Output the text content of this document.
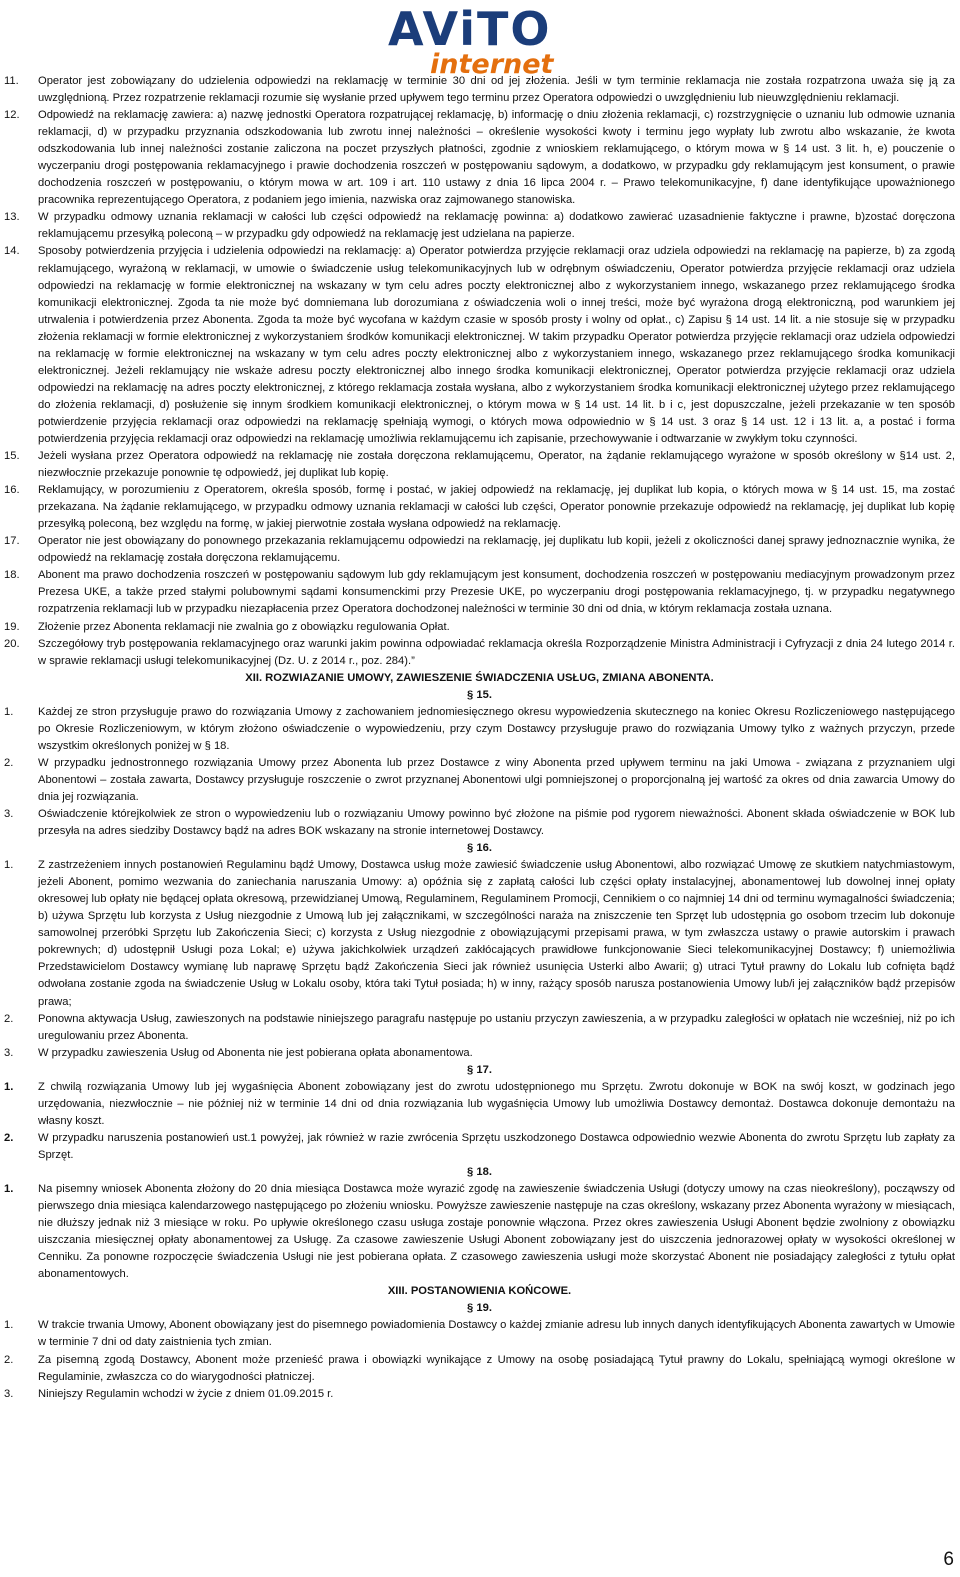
AViTO
internet
11. Operator jest zobowiązany do udzielenia odpowiedzi na reklamację w terminie 30 dni od jej złożenia. Jeśli w tym terminie reklamacja nie została rozpatrzona uważa się ją za uwzględnioną. Przez rozpatrzenie reklamacji rozumie się wysłanie przed upływem tego terminu przez Operatora odpowiedzi o uwzględnieniu lub nieuwzględnieniu reklamacji.
12. Odpowiedź na reklamację zawiera: a) nazwę jednostki Operatora rozpatrującej reklamację, b) informację o dniu złożenia reklamacji, c) rozstrzygnięcie o uznaniu lub odmowie uznania reklamacji, d) w przypadku przyznania odszkodowania lub zwrotu innej należności – określenie wysokości kwoty i terminu jego wypłaty lub zwrotu albo wskazanie, że kwota odszkodowania lub innej należności zostanie zaliczona na poczet przyszłych płatności, zgodnie z wnioskiem reklamującego, o którym mowa w § 14 ust. 3 lit. h, e) pouczenie o wyczerpaniu drogi postępowania reklamacyjnego i prawie dochodzenia roszczeń w postępowaniu sądowym, a dodatkowo, w przypadku gdy reklamującym jest konsument, o prawie dochodzenia roszczeń w postępowaniu, o którym mowa w art. 109 i art. 110 ustawy z dnia 16 lipca 2004 r. – Prawo telekomunikacyjne, f) dane identyfikujące upoważnionego pracownika reprezentującego Operatora, z podaniem jego imienia, nazwiska oraz zajmowanego stanowiska.
13. W przypadku odmowy uznania reklamacji w całości lub części odpowiedź na reklamację powinna: a) dodatkowo zawierać uzasadnienie faktyczne i prawne, b)zostać doręczona reklamującemu przesyłką poleconą – w przypadku gdy odpowiedź na reklamację jest udzielana na papierze.
14. Sposoby potwierdzenia przyjęcia i udzielenia odpowiedzi na reklamację: a) Operator potwierdza przyjęcie reklamacji oraz udziela odpowiedzi na reklamację na papierze, b) za zgodą reklamującego, wyrażoną w reklamacji, w umowie o świadczenie usług telekomunikacyjnych lub w odrębnym oświadczeniu, Operator potwierdza przyjęcie reklamacji oraz udziela odpowiedzi na reklamację w formie elektronicznej na wskazany w tym celu adres poczty elektronicznej albo z wykorzystaniem innego, wskazanego przez reklamującego środka komunikacji elektronicznej. Zgoda ta nie może być domniemana lub dorozumiana z oświadczenia woli o innej treści, może być wyrażona drogą elektroniczną, pod warunkiem jej utrwalenia i potwierdzenia przez Abonenta. Zgoda ta może być wycofana w każdym czasie w sposób prosty i wolny od opłat., c) Zapisu § 14 ust. 14 lit. a nie stosuje się w przypadku złożenia reklamacji w formie elektronicznej z wykorzystaniem środków komunikacji elektronicznej. W takim przypadku Operator potwierdza przyjęcie reklamacji oraz udziela odpowiedzi na reklamację w formie elektronicznej na wskazany w tym celu adres poczty elektronicznej albo z wykorzystaniem innego, wskazanego przez reklamującego środka komunikacji elektronicznej. Jeżeli reklamujący nie wskaże adresu poczty elektronicznej albo innego środka komunikacji elektronicznej, Operator potwierdza przyjęcie reklamacji oraz udziela odpowiedzi na reklamację na adres poczty elektronicznej, z którego reklamacja została wysłana, albo z wykorzystaniem środka komunikacji elektronicznej użytego przez reklamującego do złożenia reklamacji, d) posłużenie się innym środkiem komunikacji elektronicznej, o którym mowa w § 14 ust. 14 lit. b i c, jest dopuszczalne, jeżeli przekazanie w ten sposób potwierdzenie przyjęcia reklamacji oraz odpowiedzi na reklamację spełniają wymogi, o których mowa odpowiednio w § 14 ust. 3 oraz § 14 ust. 12 i 13 lit. a, a postać i forma potwierdzenia przyjęcia reklamacji oraz odpowiedzi na reklamację umożliwia reklamującemu ich zapisanie, przechowywanie i odtwarzanie w zwykłym toku czynności.
15. Jeżeli wysłana przez Operatora odpowiedź na reklamację nie została doręczona reklamującemu, Operator, na żądanie reklamującego wyrażone w sposób określony w §14 ust. 2, niezwłocznie przekazuje ponownie tę odpowiedź, jej duplikat lub kopię.
16. Reklamujący, w porozumieniu z Operatorem, określa sposób, formę i postać, w jakiej odpowiedź na reklamację, jej duplikat lub kopia, o których mowa w § 14 ust. 15, ma zostać przekazana. Na żądanie reklamującego, w przypadku odmowy uznania reklamacji w całości lub części, Operator ponownie przekazuje odpowiedź na reklamację, jej duplikat lub kopię przesyłką poleconą, bez względu na formę, w jakiej pierwotnie została wysłana odpowiedź na reklamację.
17. Operator nie jest obowiązany do ponownego przekazania reklamującemu odpowiedzi na reklamację, jej duplikatu lub kopii, jeżeli z okoliczności danej sprawy jednoznacznie wynika, że odpowiedź na reklamację została doręczona reklamującemu.
18. Abonent ma prawo dochodzenia roszczeń w postępowaniu sądowym lub gdy reklamującym jest konsument, dochodzenia roszczeń w postępowaniu mediacyjnym prowadzonym przez Prezesa UKE, a także przed stałymi polubownymi sądami konsumenckimi przy Prezesie UKE, po wyczerpaniu drogi postępowania reklamacyjnego, tj. w przypadku negatywnego rozpatrzenia reklamacji lub w przypadku niezapłacenia przez Operatora dochodzonej należności w terminie 30 dni od dnia, w którym reklamacja została uznana.
19. Złożenie przez Abonenta reklamacji nie zwalnia go z obowiązku regulowania Opłat.
20. Szczegółowy tryb postępowania reklamacyjnego oraz warunki jakim powinna odpowiadać reklamacja określa Rozporządzenie Ministra Administracji i Cyfryzacji z dnia 24 lutego 2014 r. w sprawie reklamacji usługi telekomunikacyjnej (Dz. U. z 2014 r., poz. 284).”
XII. ROZWIAZANIE UMOWY, ZAWIESZENIE ŚWIADCZENIA USŁUG, ZMIANA ABONENTA.
§ 15.
1. Każdej ze stron przysługuje prawo do rozwiązania Umowy z zachowaniem jednomiesięcznego okresu wypowiedzenia skutecznego na koniec Okresu Rozliczeniowego następującego po Okresie Rozliczeniowym, w którym złożono oświadczenie o wypowiedzeniu, przy czym Dostawcy przysługuje prawo do rozwiązania Umowy tylko z ważnych przyczyn, przede wszystkim określonych poniżej w § 18.
2. W przypadku jednostronnego rozwiązania Umowy przez Abonenta lub przez Dostawce z winy Abonenta przed upływem terminu na jaki Umowa - związana z przyznaniem ulgi Abonentowi – została zawarta, Dostawcy przysługuje roszczenie o zwrot przyznanej Abonentowi ulgi pomniejszonej o proporcjonalną jej wartość za okres od dnia zawarcia Umowy do dnia jej rozwiązania.
3. Oświadczenie którejkolwiek ze stron o wypowiedzeniu lub o rozwiązaniu Umowy powinno być złożone na piśmie pod rygorem nieważności. Abonent składa oświadczenie w BOK lub przesyła na adres siedziby Dostawcy bądź na adres BOK wskazany na stronie internetowej Dostawcy.
§ 16.
1. Z zastrzeżeniem innych postanowień Regulaminu bądź Umowy, Dostawca usług może zawiesić świadczenie usług Abonentowi, albo rozwiązać Umowę ze skutkiem natychmiastowym, jeżeli Abonent, pomimo wezwania do zaniechania naruszania Umowy: a) opóźnia się z zapłatą całości lub części opłaty instalacyjnej, abonamentowej lub dowolnej innej opłaty okresowej lub opłaty nie będącej opłata okresową, przewidzianej Umową, Regulaminem, Regulaminem Promocji, Cennikiem o co najmniej 14 dni od terminu wymagalności świadczenia; b) używa Sprzętu lub korzysta z Usług niezgodnie z Umową lub jej załącznikami, w szczególności naraża na zniszczenie ten Sprzęt lub udostępnia go osobom trzecim lub dokonuje samowolnej przeróbki Sprzętu lub Zakończenia Sieci; c) korzysta z Usług niezgodnie z obowiązującymi przepisami prawa, w tym zwłaszcza ustawy o prawie autorskim i prawach pokrewnych; d) udostępnił Usługi poza Lokal; e) używa jakichkolwiek urządzeń zakłócających prawidłowe funkcjonowanie Sieci telekomunikacyjnej Dostawcy; f) uniemożliwia Przedstawicielom Dostawcy wymianę lub naprawę Sprzętu bądź Zakończenia Sieci jak również usunięcia Usterki albo Awarii; g) utraci Tytuł prawny do Lokalu lub cofnięta bądź odwołana zostanie zgoda na świadczenie Usług w Lokalu osoby, która taki Tytuł posiada; h) w inny, rażący sposób narusza postanowienia Umowy lub/i jej załączników bądź przepisów prawa;
2. Ponowna aktywacja Usług, zawieszonych na podstawie niniejszego paragrafu następuje po ustaniu przyczyn zawieszenia, a w przypadku zaległości w opłatach nie wcześniej, niż po ich uregulowaniu przez Abonenta.
3. W przypadku zawieszenia Usług od Abonenta nie jest pobierana opłata abonamentowa.
§ 17.
1. Z chwilą rozwiązania Umowy lub jej wygaśnięcia Abonent zobowiązany jest do zwrotu udostępnionego mu Sprzętu. Zwrotu dokonuje w BOK na swój koszt, w godzinach jego urzędowania, niezwłocznie – nie później niż w terminie 14 dni od dnia rozwiązania lub wygaśnięcia Umowy lub umożliwia Dostawcy demontaż. Dostawca dokonuje demontażu na własny koszt.
2. W przypadku naruszenia postanowień ust.1 powyżej, jak również w razie zwrócenia Sprzętu uszkodzonego Dostawca odpowiednio wezwie Abonenta do zwrotu Sprzętu lub zapłaty za Sprzęt.
§ 18.
1. Na pisemny wniosek Abonenta złożony do 20 dnia miesiąca Dostawca może wyrazić zgodę na zawieszenie świadczenia Usługi (dotyczy umowy na czas nieokreślony), począwszy od pierwszego dnia miesiąca kalendarzowego następującego po złożeniu wniosku. Powyższe zawieszenie następuje na czas określony, wskazany przez Abonenta wyrażony w miesiącach, nie dłuższy jednak niż 3 miesiące w roku. Po upływie określonego czasu usługa zostaje ponownie włączona. Przez okres zawieszenia Usługi Abonent będzie zwolniony z obowiązku uiszczania miesięcznej opłaty abonamentowej za Usługę. Za czasowe zawieszenie Usługi Abonent zobowiązany jest do uiszczenia jednorazowej opłaty w wysokości określonej w Cenniku. Za ponowne rozpoczęcie świadczenia Usługi nie jest pobierana opłata. Z czasowego zawieszenia usługi może skorzystać Abonent nie posiadający zaległości z tytułu opłat abonamentowych.
XIII. POSTANOWIENIA KOŃCOWE.
§ 19.
1. W trakcie trwania Umowy, Abonent obowiązany jest do pisemnego powiadomienia Dostawcy o każdej zmianie adresu lub innych danych identyfikujących Abonenta zawartych w Umowie w terminie 7 dni od daty zaistnienia tych zmian.
2. Za pisemną zgodą Dostawcy, Abonent może przenieść prawa i obowiązki wynikające z Umowy na osobę posiadającą Tytuł prawny do Lokalu, spełniającą wymogi określone w Regulaminie, zwłaszcza co do wiarygodności płatniczej.
3. Niniejszy Regulamin wchodzi w życie z dniem 01.09.2015 r.
6
